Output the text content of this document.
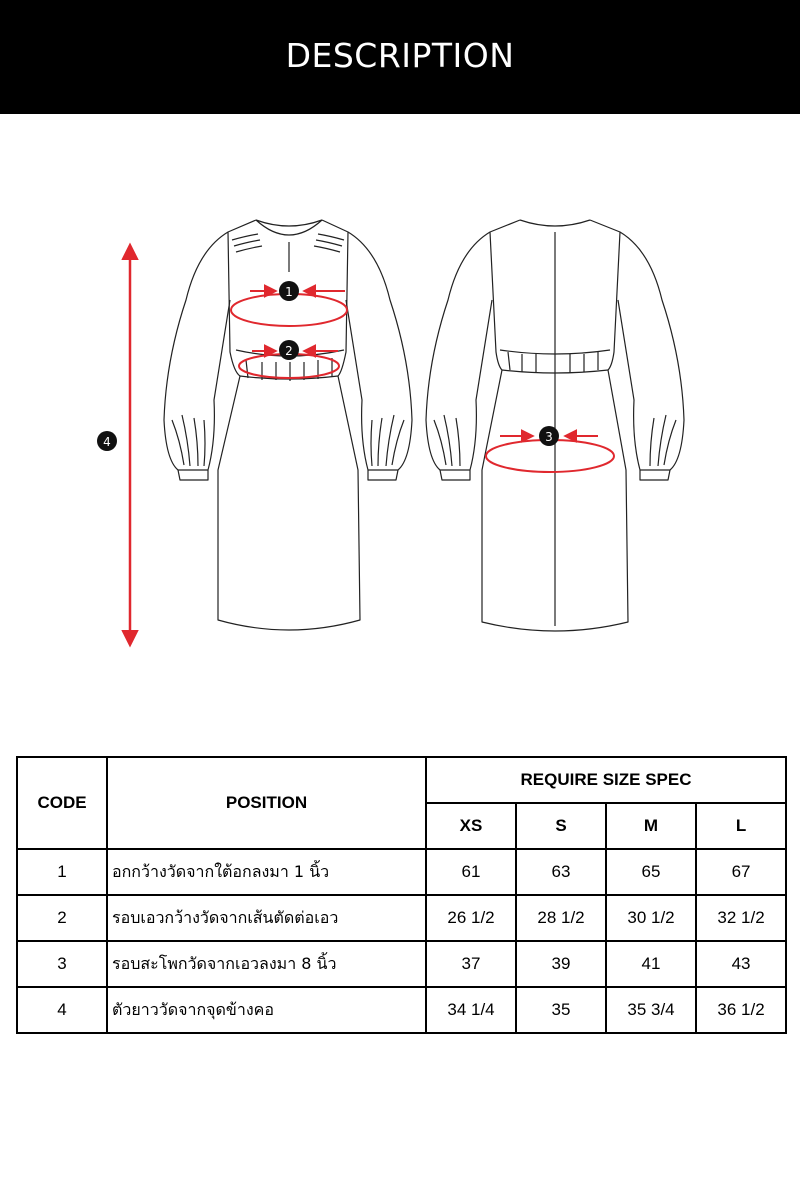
DESCRIPTION
1
2
3
4
CODE	POSITION	REQUIRE SIZE SPEC			
		XS	S	M	L
1	อกกว้างวัดจากใต้อกลงมา 1 นิ้ว	61	63	65	67
2	รอบเอวกว้างวัดจากเส้นตัดต่อเอว	26 1/2	28 1/2	30 1/2	32 1/2
3	รอบสะโพกวัดจากเอวลงมา 8 นิ้ว	37	39	41	43
4	ตัวยาววัดจากจุดข้างคอ	34 1/4	35	35 3/4	36 1/2
